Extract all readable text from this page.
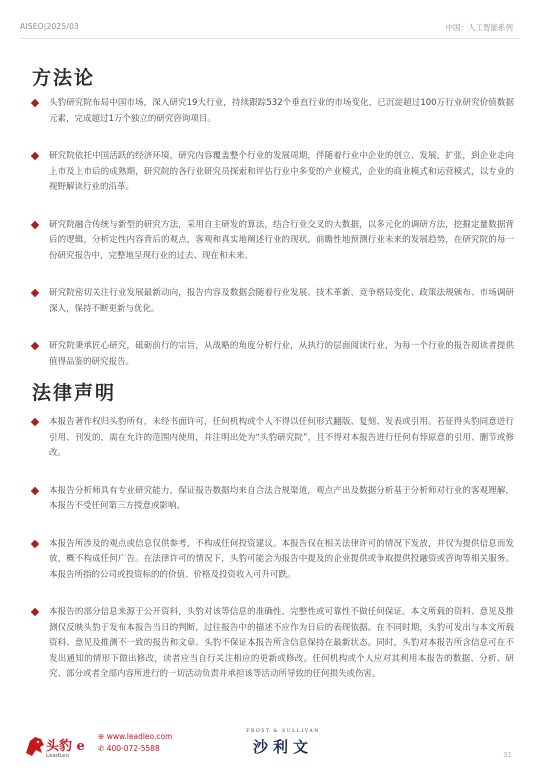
AISEO|2025/03	中国：人工智能系列
方法论

头豹研究院布局中国市场，深入研究19大行业，持续跟踪532个垂直行业的市场变化，已沉淀超过100万行业研究价值数据元素，完成超过1万个独立的研究咨询项目。

研究院依托中国活跃的经济环境，研究内容覆盖整个行业的发展周期，伴随着行业中企业的创立、发展，扩张，到企业走向上市及上市后的成熟期，研究院的各行业研究员探索和评估行业中多变的产业模式，企业的商业模式和运营模式，以专业的视野解读行业的沿革。

研究院融合传统与新型的研究方法，采用自主研发的算法，结合行业交叉的大数据，以多元化的调研方法，挖掘定量数据背后的逻辑，分析定性内容背后的观点，客观和真实地阐述行业的现状，前瞻性地预测行业未来的发展趋势，在研究院的每一份研究报告中，完整地呈现行业的过去、现在和未来。

研究院密切关注行业发展最新动向，报告内容及数据会随着行业发展、技术革新、竞争格局变化、政策法规颁布、市场调研深入，保持不断更新与优化。

研究院秉承匠心研究，砥砺前行的宗旨，从战略的角度分析行业，从执行的层面阅读行业，为每一个行业的报告阅读者提供值得品鉴的研究报告。

法律声明

本报告著作权归头豹所有，未经书面许可，任何机构或个人不得以任何形式翻版、复刻、发表或引用。若征得头豹同意进行引用、刊发的，需在允许的范围内使用，并注明出处为“头豹研究院”，且不得对本报告进行任何有悖原意的引用、删节或修改。

本报告分析师具有专业研究能力，保证报告数据均来自合法合规渠道，观点产出及数据分析基于分析师对行业的客观理解，本报告不受任何第三方授意或影响。

本报告所涉及的观点或信息仅供参考，不构成任何投资建议。本报告仅在相关法律许可的情况下发放，并仅为提供信息而发放，概不构成任何广告。在法律许可的情况下，头豹可能会为报告中提及的企业提供或争取提供投融资或咨询等相关服务。本报告所指的公司或投资标的的价值、价格及投资收入可升可跌。

本报告的部分信息来源于公开资料，头豹对该等信息的准确性、完整性或可靠性不做任何保证。本文所载的资料、意见及推测仅反映头豹于发布本报告当日的判断，过往报告中的描述不应作为日后的表现依据。在不同时期，头豹可发出与本文所载资料、意见及推测不一致的报告和文章。头豹不保证本报告所含信息保持在最新状态。同时，头豹对本报告所含信息可在不发出通知的情形下做出修改，读者应当自行关注相应的更新或修改。任何机构或个人应对其利用本报告的数据、分析、研究、部分或者全部内容所进行的一切活动负责并承担该等活动所导致的任何损失或伤害。

头豹 e
LeadLeo
⊕ www.leadleo.com
✆ 400-072-5588
FROST & SULLIVAN
沙利文	31
